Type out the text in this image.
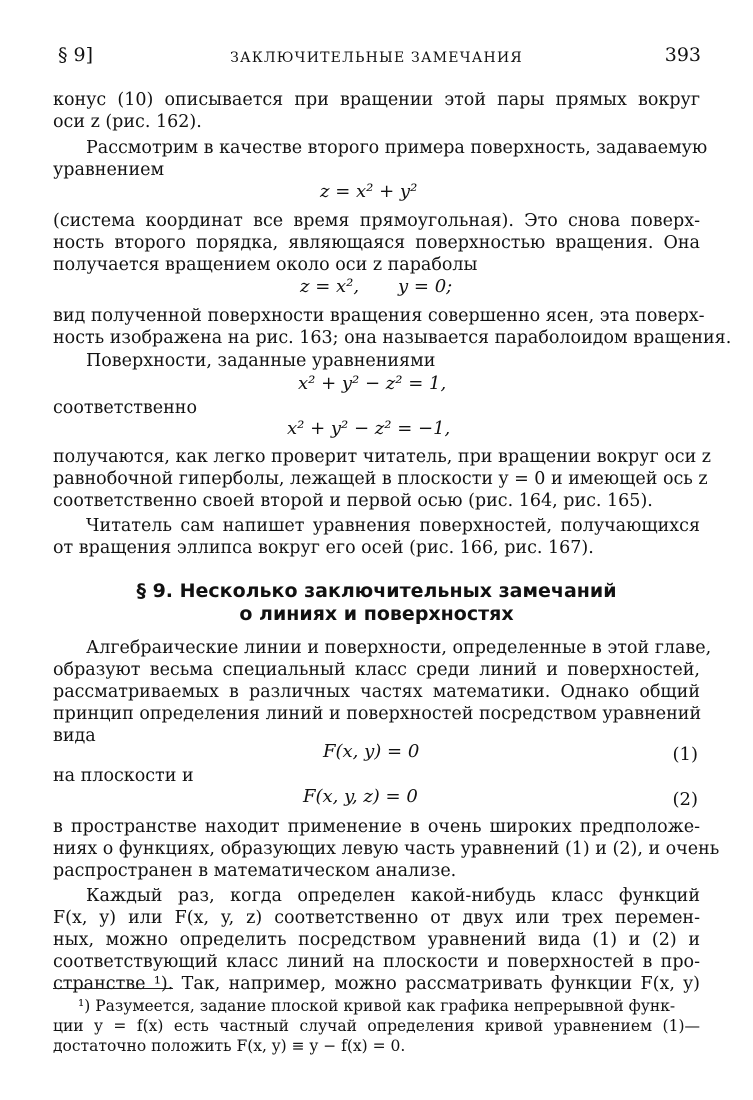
§ 9]	ЗАКЛЮЧИТЕЛЬНЫЕ ЗАМЕЧАНИЯ	393
конус (10) описывается при вращении этой пары прямых вокруг
оси z (рис. 162).
Рассмотрим в качестве второго примера поверхность, задаваемую
уравнением
z = x² + y²
(система координат все время прямоугольная). Это снова поверх-
ность второго порядка, являющаяся поверхностью вращения. Она
получается вращением около оси z параболы
z = x², y = 0;
вид полученной поверхности вращения совершенно ясен, эта поверх-
ность изображена на рис. 163; она называется параболоидом вращения.
Поверхности, заданные уравнениями
x² + y² − z² = 1,
соответственно
x² + y² − z² = −1,
получаются, как легко проверит читатель, при вращении вокруг оси z
равнобочной гиперболы, лежащей в плоскости y = 0 и имеющей ось z
соответственно своей второй и первой осью (рис. 164, рис. 165).
Читатель сам напишет уравнения поверхностей, получающихся
от вращения эллипса вокруг его осей (рис. 166, рис. 167).
§ 9. Несколько заключительных замечаний
о линиях и поверхностях
Алгебраические линии и поверхности, определенные в этой главе,
образуют весьма специальный класс среди линий и поверхностей,
рассматриваемых в различных частях математики. Однако общий
принцип определения линий и поверхностей посредством уравнений
вида
F(x, y) = 0	(1)
на плоскости и
F(x, y, z) = 0	(2)
в пространстве находит применение в очень широких предположе-
ниях о функциях, образующих левую часть уравнений (1) и (2), и очень
распространен в математическом анализе.
Каждый раз, когда определен какой-нибудь класс функций
F(x, y) или F(x, y, z) соответственно от двух или трех перемен-
ных, можно определить посредством уравнений вида (1) и (2) и
соответствующий класс линий на плоскости и поверхностей в про-
странстве ¹). Так, например, можно рассматривать функции F(x, y)
¹) Разумеется, задание плоской кривой как графика непрерывной функ-
ции y = f(x) есть частный случай определения кривой уравнением (1)—
достаточно положить F(x, y) ≡ y − f(x) = 0.
